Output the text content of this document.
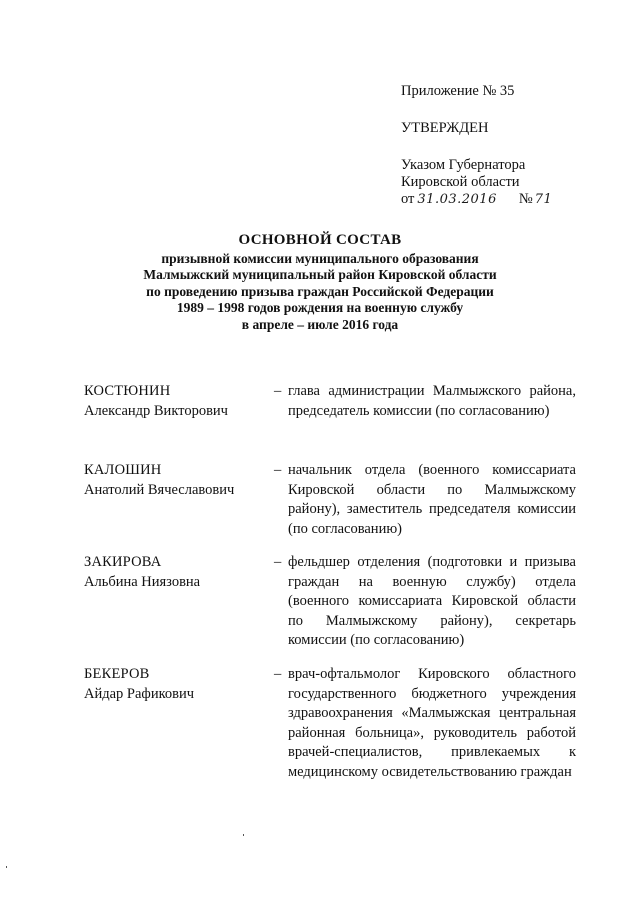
Приложение № 35
УТВЕРЖДЕН
Указом Губернатора
Кировской области
от 31.03.2016 № 71
ОСНОВНОЙ СОСТАВ
призывной комиссии муниципального образования
Малмыжский муниципальный район Кировской области
по проведению призыва граждан Российской Федерации
1989 – 1998 годов рождения на военную службу
в апреле – июле 2016 года
КОСТЮНИН
Александр Викторович
– глава администрации Малмыжского района, председатель комиссии (по согласованию)
КАЛОШИН
Анатолий Вячеславович
– начальник отдела (военного комиссариата Кировской области по Малмыжскому району), заместитель председателя комиссии (по согласованию)
ЗАКИРОВА
Альбина Ниязовна
– фельдшер отделения (подготовки и призыва граждан на военную службу) отдела (военного комиссариата Кировской области по Малмыжскому району), секретарь комиссии (по согласованию)
БЕКЕРОВ
Айдар Рафикович
– врач-офтальмолог Кировского областного государственного бюджетного учреждения здравоохранения «Малмыжская центральная районная больница», руководитель работой врачей-специалистов, привлекаемых к медицинскому освидетельствованию граждан
